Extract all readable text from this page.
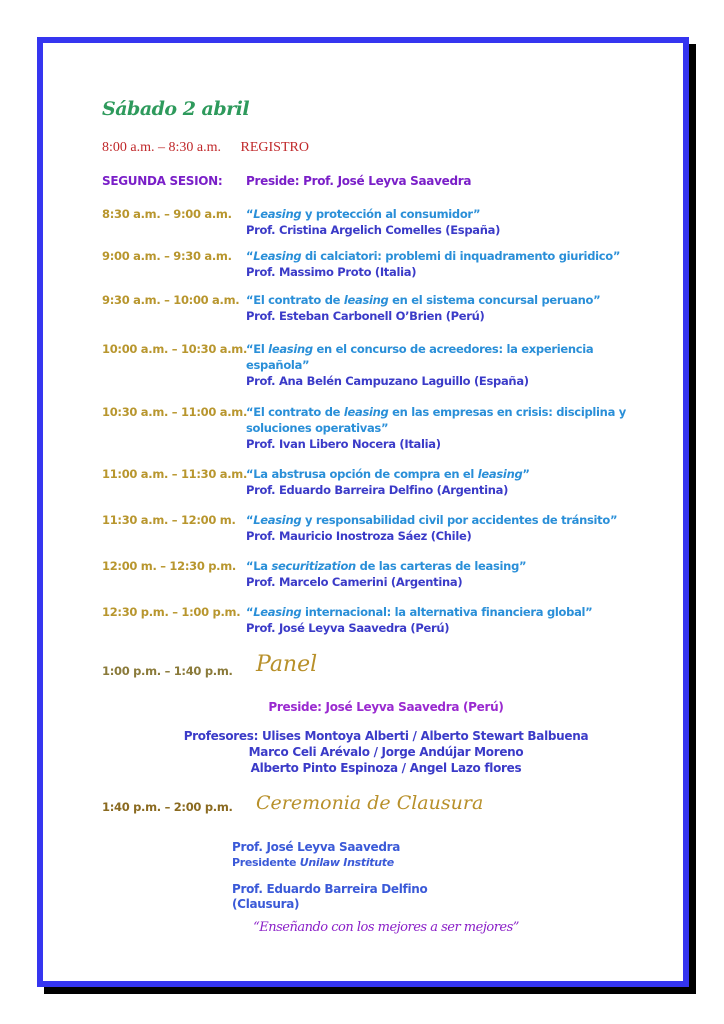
Sábado 2 abril
8:00 a.m. – 8:30 a.m. REGISTRO
SEGUNDA SESION: Preside: Prof. José Leyva Saavedra
8:30 a.m. – 9:00 a.m. “Leasing y protección al consumidor”
Prof. Cristina Argelich Comelles (España)
9:00 a.m. – 9:30 a.m. “Leasing di calciatori: problemi di inquadramento giuridico”
Prof. Massimo Proto (Italia)
9:30 a.m. – 10:00 a.m. “El contrato de leasing en el sistema concursal peruano”
Prof. Esteban Carbonell O’Brien (Perú)
10:00 a.m. – 10:30 a.m.
“El leasing en el concurso de acreedores: la experiencia española”
Prof. Ana Belén Campuzano Laguillo (España)
10:30 a.m. – 11:00 a.m.
“El contrato de leasing en las empresas en crisis: disciplina y soluciones operativas”
Prof. Ivan Libero Nocera (Italia)
11:00 a.m. – 11:30 a.m.
“La abstrusa opción de compra en el leasing”
Prof. Eduardo Barreira Delfino (Argentina)
11:30 a.m. – 12:00 m. “Leasing y responsabilidad civil por accidentes de tránsito”
Prof. Mauricio Inostroza Sáez (Chile)
12:00 m. – 12:30 p.m. “La securitization de las carteras de leasing”
Prof. Marcelo Camerini (Argentina)
12:30 p.m. – 1:00 p.m. “Leasing internacional: la alternativa financiera global”
Prof. José Leyva Saavedra (Perú)
1:00 p.m. – 1:40 p.m. Panel
Preside: José Leyva Saavedra (Perú)
Profesores: Ulises Montoya Alberti / Alberto Stewart Balbuena
Marco Celi Arévalo / Jorge Andújar Moreno
Alberto Pinto Espinoza / Angel Lazo flores
1:40 p.m. – 2:00 p.m. Ceremonia de Clausura
Prof. José Leyva Saavedra
Presidente Unilaw Institute
Prof. Eduardo Barreira Delfino
(Clausura)
“Enseñando con los mejores a ser mejores”
